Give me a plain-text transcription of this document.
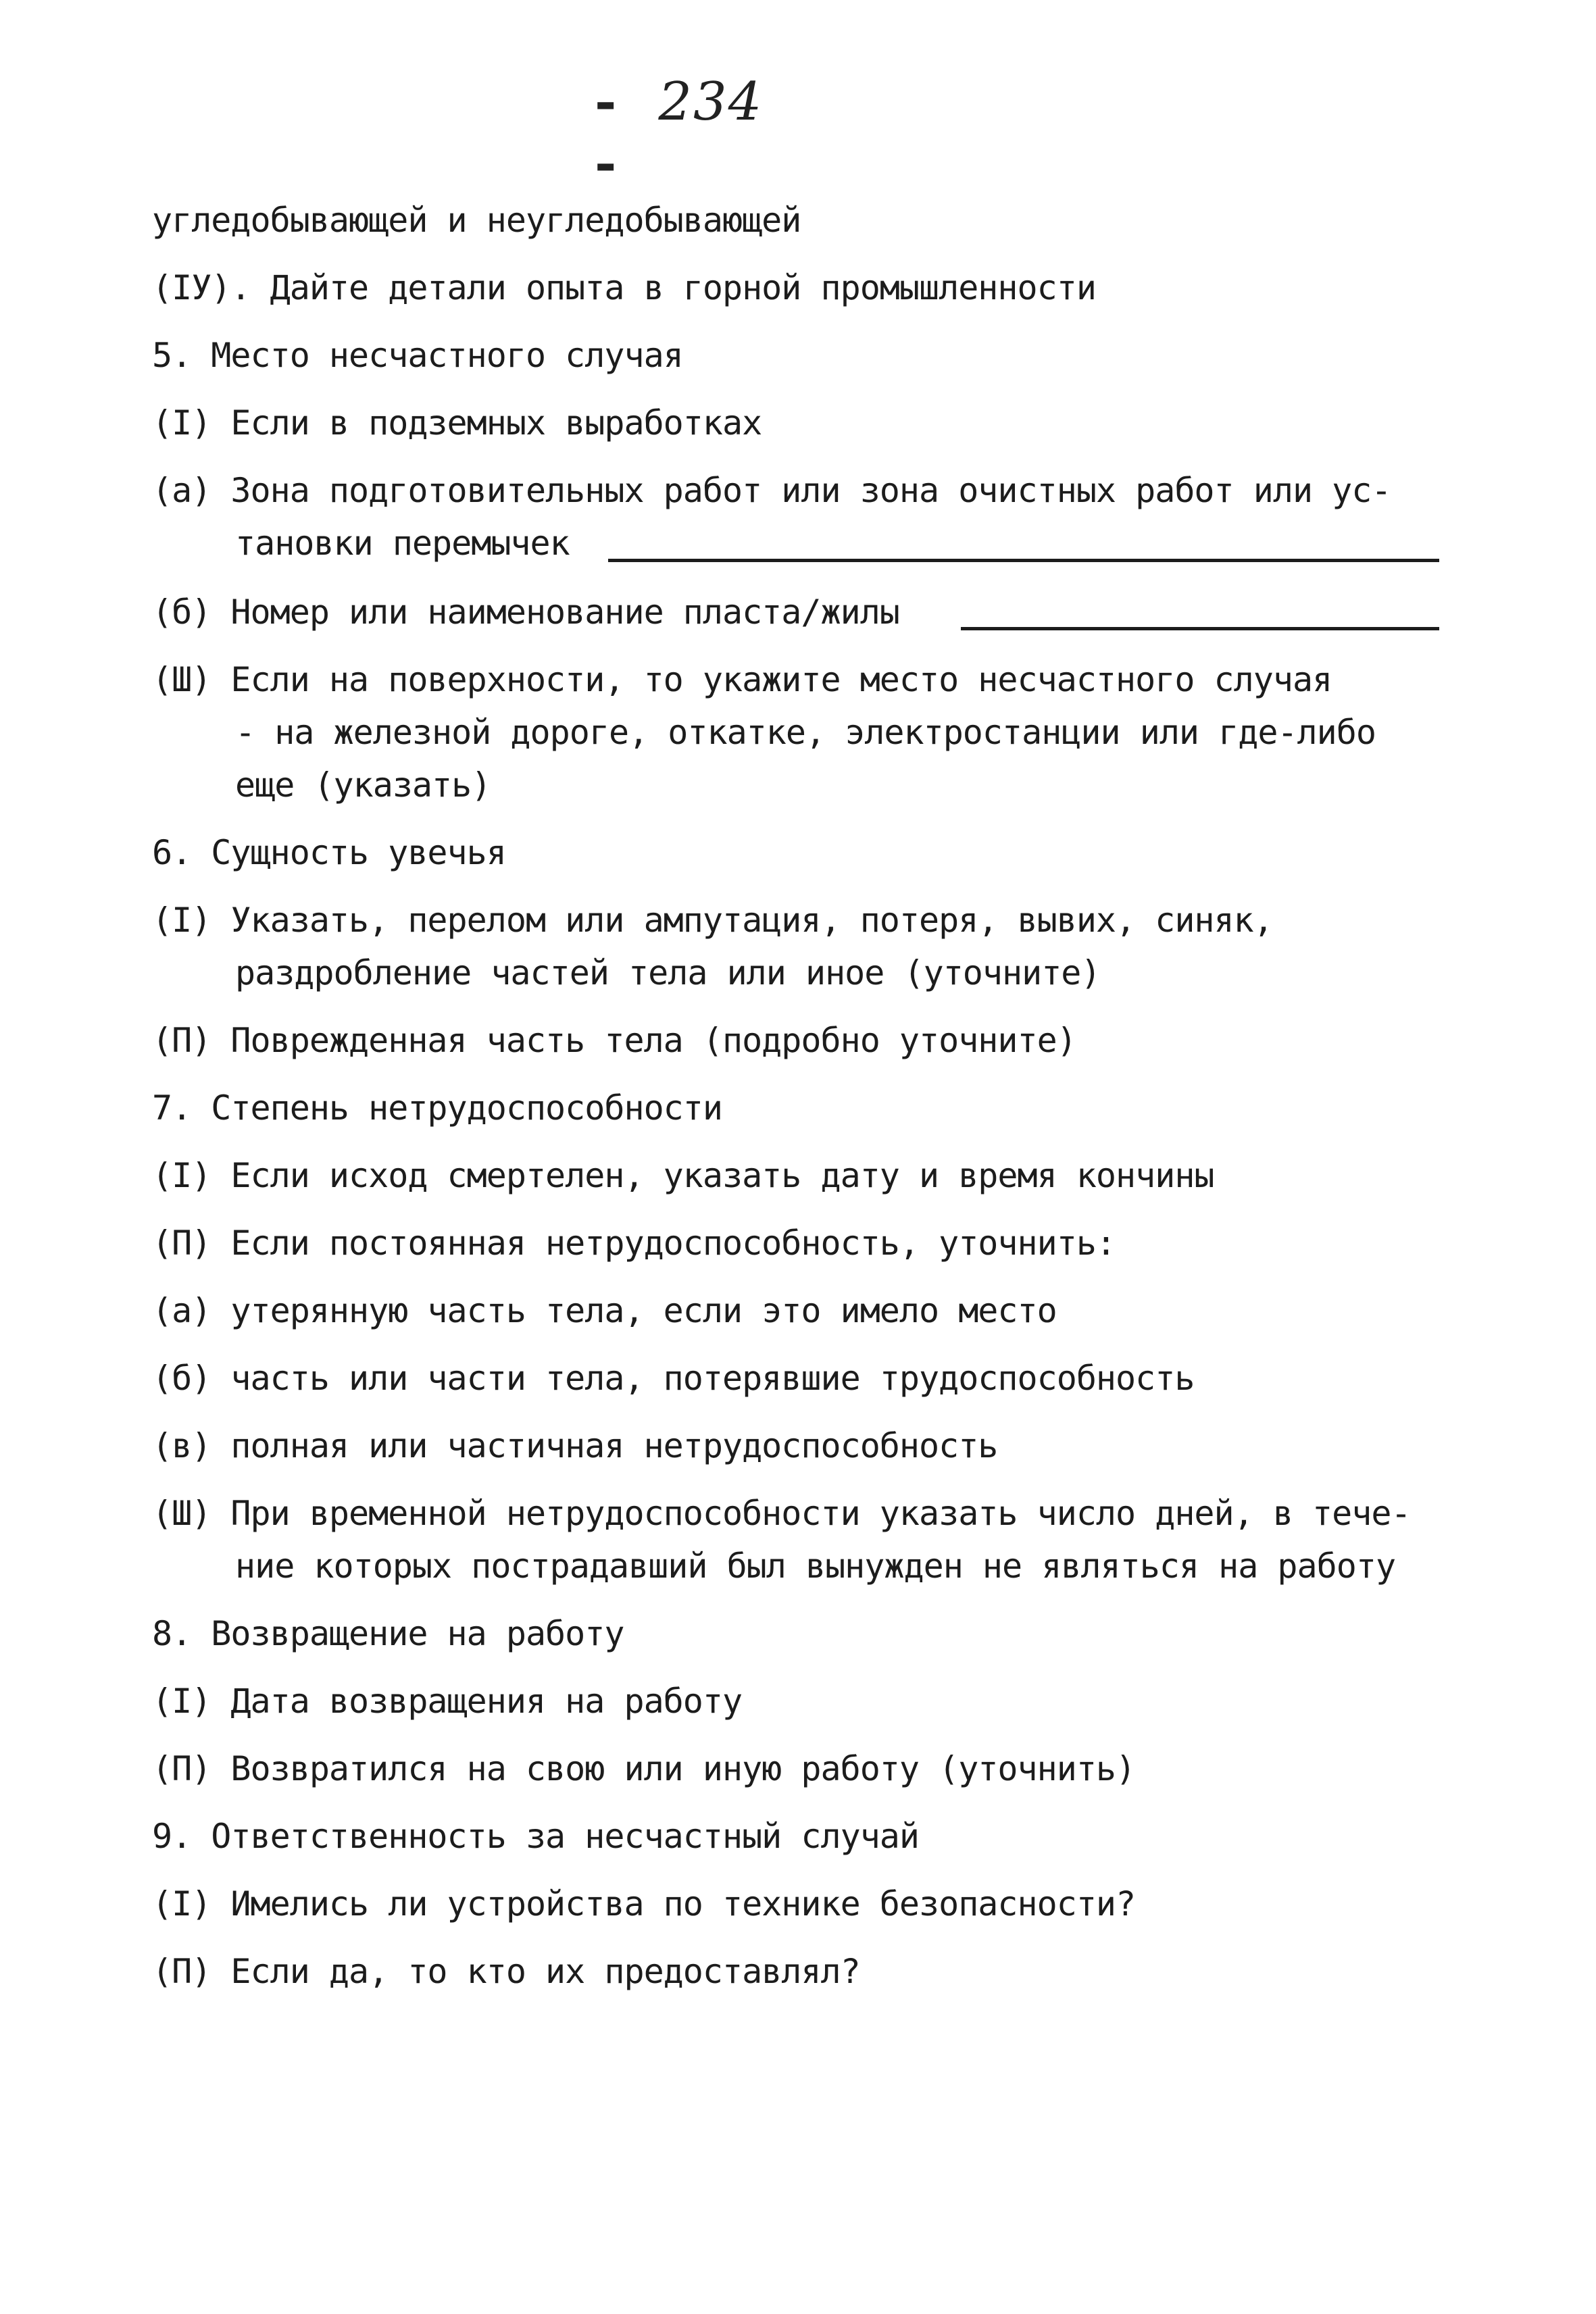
- 234-
угледобывающей и неугледобывающей
(IУ). Дайте детали опыта в горной промышленности
5. Место несчастного случая
(I) Если в подземных выработках
(а) Зона подготовительных работ или зона очистных работ или ус-
тановки перемычек
(б) Номер или наименование пласта/жилы
(Ш) Если на поверхности, то укажите место несчастного случая
- на железной дороге, откатке, электростанции или где-либо
еще (указать)
6. Сущность увечья
(I) Указать, перелом или ампутация, потеря, вывих, синяк,
раздробление частей тела или иное (уточните)
(П) Поврежденная часть тела (подробно уточните)
7. Степень нетрудоспособности
(I) Если исход смертелен, указать дату и время кончины
(П) Если постоянная нетрудоспособность, уточнить:
(а) утерянную часть тела, если это имело место
(б) часть или части тела, потерявшие трудоспособность
(в) полная или частичная нетрудоспособность
(Ш) При временной нетрудоспособности указать число дней, в тече-
ние которых пострадавший был вынужден не являться на работу
8. Возвращение на работу
(I) Дата возвращения на работу
(П) Возвратился на свою или иную работу (уточнить)
9. Ответственность за несчастный случай
(I) Имелись ли устройства по технике безопасности?
(П) Если да, то кто их предоставлял?
